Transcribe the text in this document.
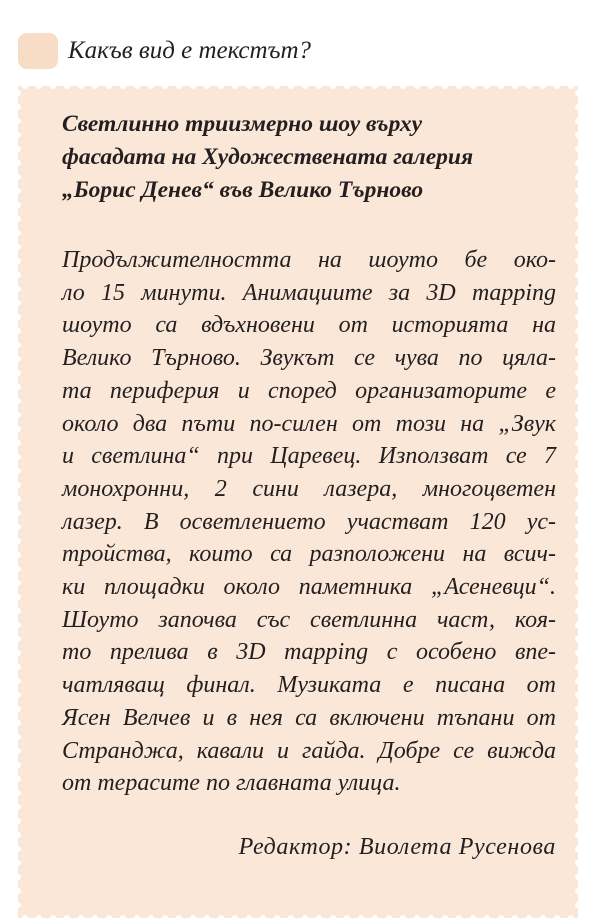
Какъв вид е текстът?
Светлинно триизмерно шоу върху
фасадата на Художествената галерия
„Борис Денев“ във Велико Търново
Продължителността на шоуто бе око-
ло 15 минути. Анимациите за 3D mapping
шоуто са вдъхновени от историята на
Велико Търново. Звукът се чува по цяла-
та периферия и според организаторите е
около два пъти по-силен от този на „Звук
и светлина“ при Царевец. Използват се 7
монохронни, 2 сини лазера, многоцветен
лазер. В осветлението участват 120 ус-
тройства, които са разположени на всич-
ки площадки около паметника „Асеневци“.
Шоуто започва със светлинна част, коя-
то прелива в 3D mapping с особено впе-
чатляващ финал. Музиката е писана от
Ясен Велчев и в нея са включени тъпани от
Странджа, кавали и гайда. Добре се вижда
от терасите по главната улица.
Редактор: Виолета Русенова
